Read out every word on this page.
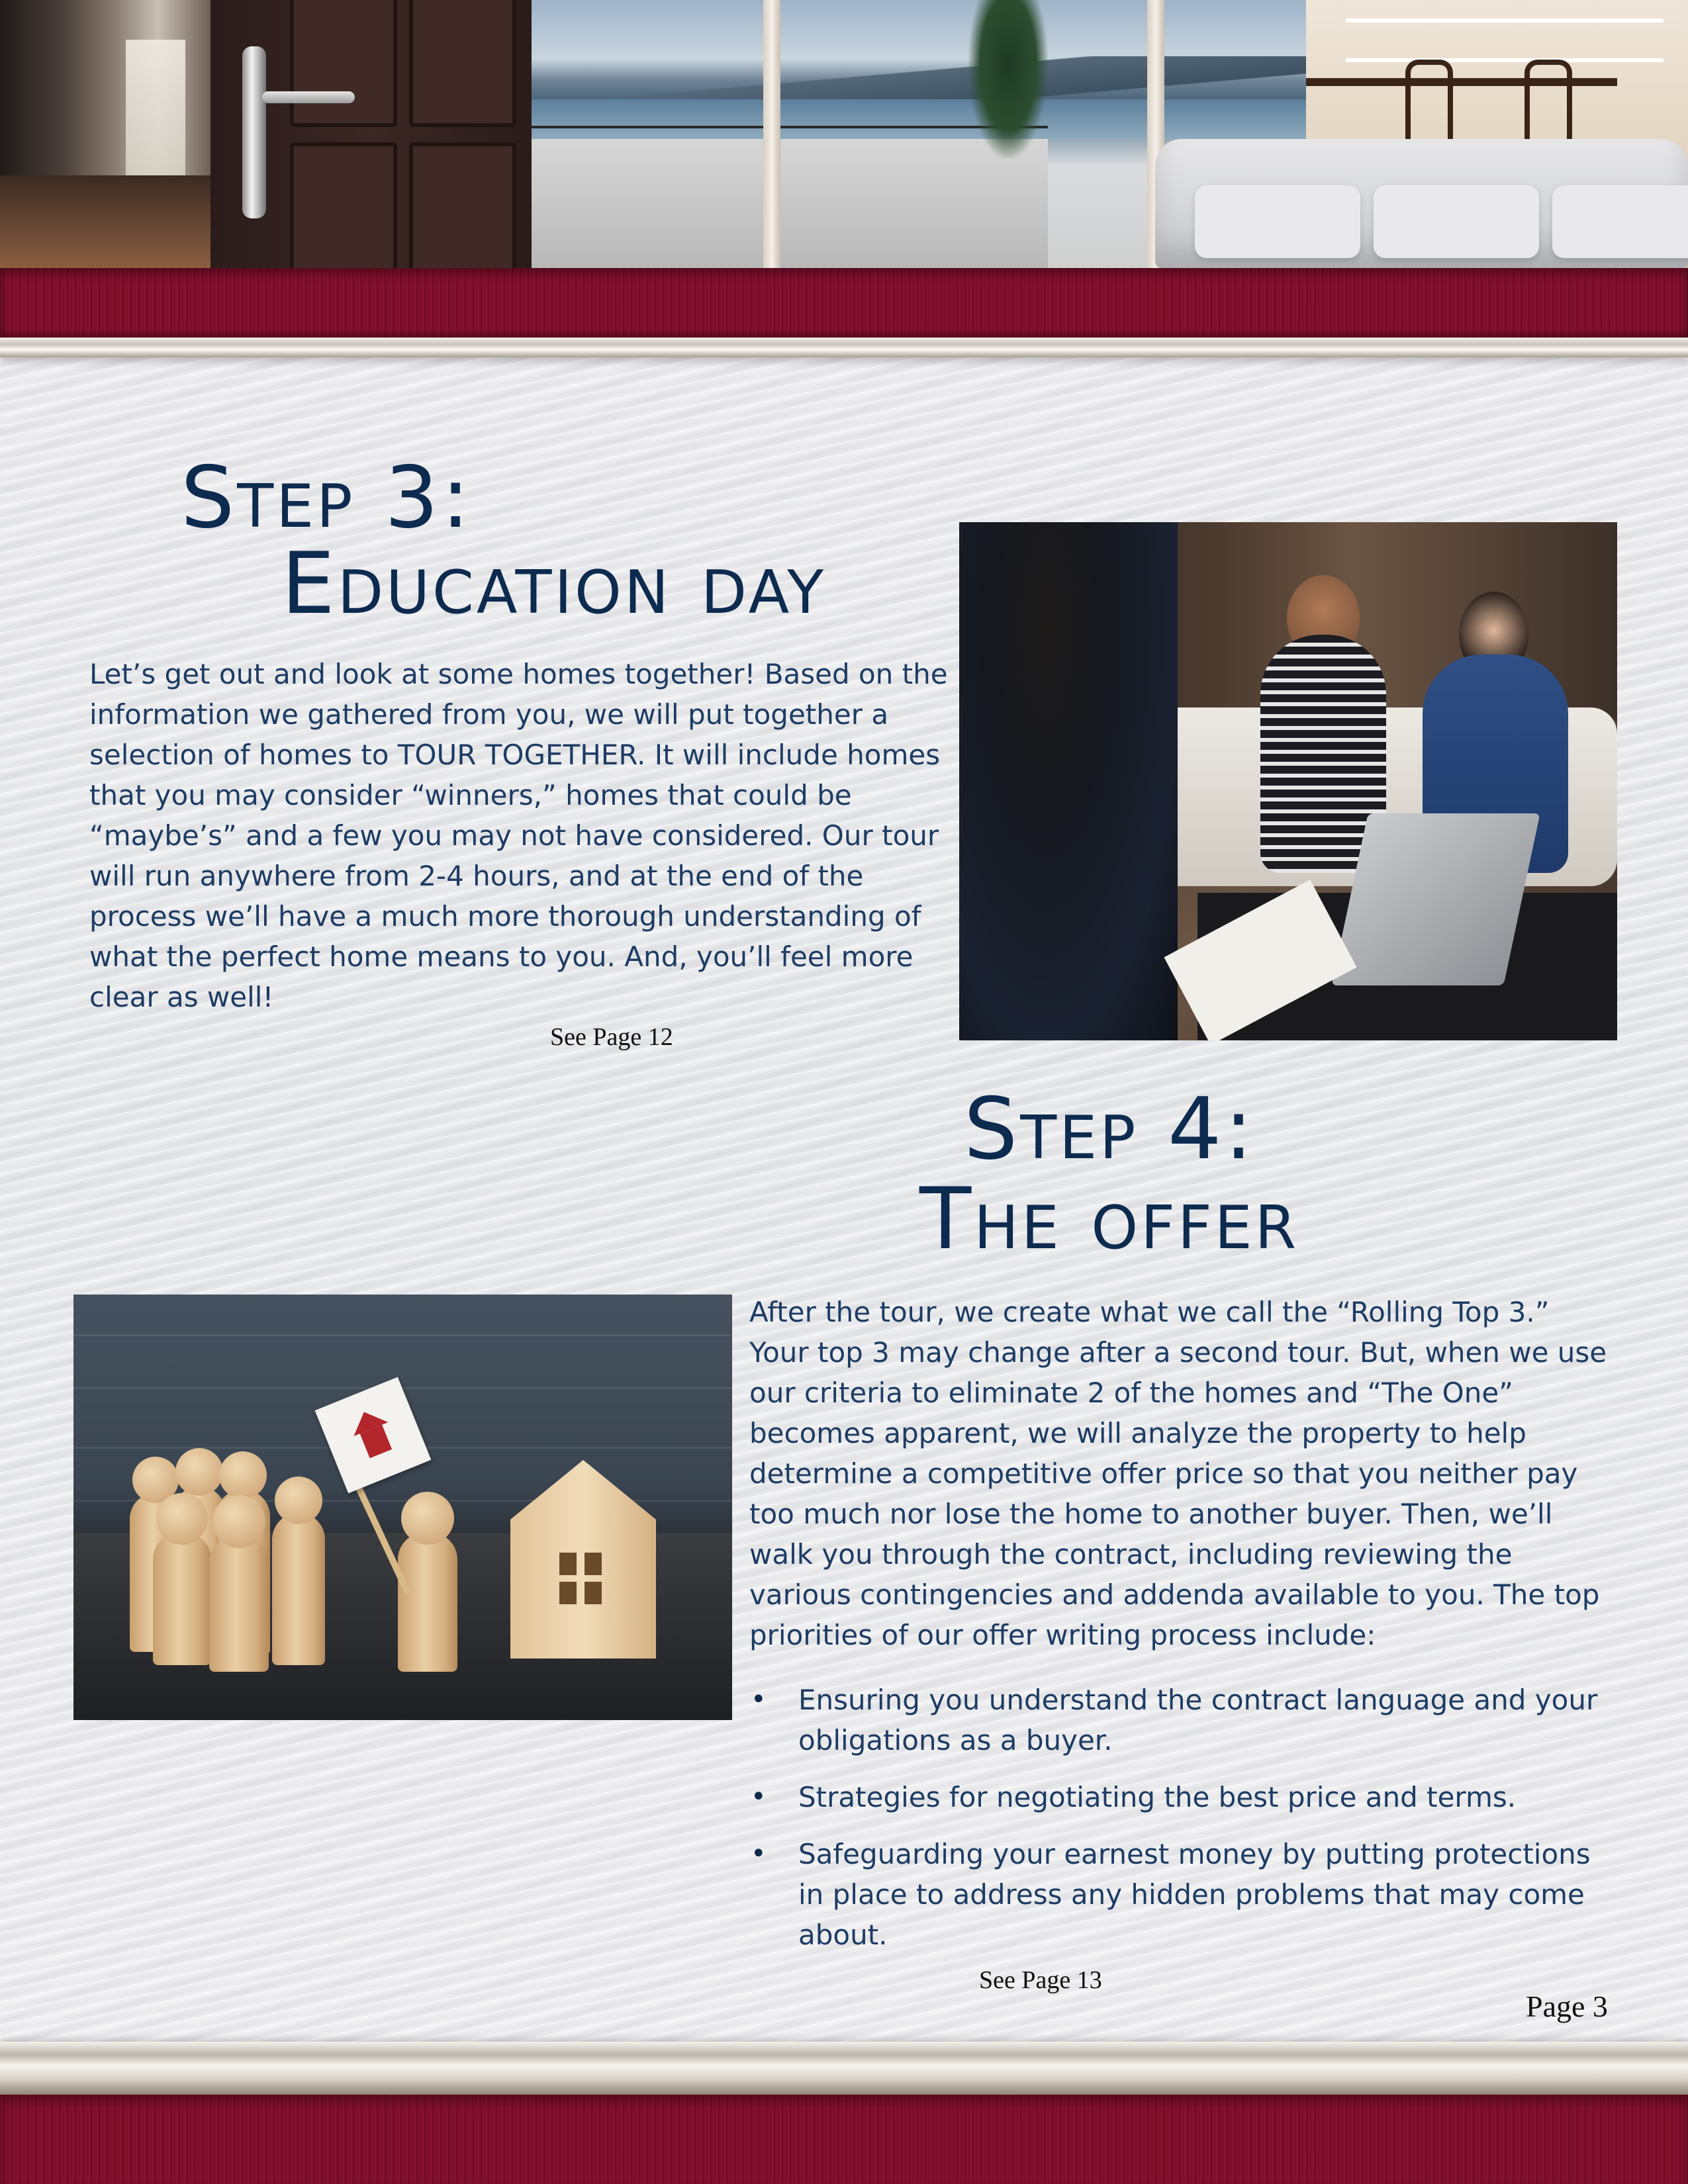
Step 3:
Education day

Let’s get out and look at some homes together! Based on the information we gathered from you, we will put together a selection of homes to TOUR TOGETHER. It will include homes that you may consider “winners,” homes that could be “maybe’s” and a few you may not have considered. Our tour will run anywhere from 2-4 hours, and at the end of the process we’ll have a much more thorough understanding of what the perfect home means to you. And, you’ll feel more clear as well!

See Page 12
Step 4:
The offer

After the tour, we create what we call the “Rolling Top 3.” Your top 3 may change after a second tour. But, when we use our criteria to eliminate 2 of the homes and “The One” becomes apparent, we will analyze the property to help determine a competitive offer price so that you neither pay too much nor lose the home to another buyer. Then, we’ll walk you through the contract, including reviewing the various contingencies and addenda available to you. The top priorities of our offer writing process include:

• Ensuring you understand the contract language and your obligations as a buyer.
• Strategies for negotiating the best price and terms.
• Safeguarding your earnest money by putting protections in place to address any hidden problems that may come about.
See Page 13
Page 3
